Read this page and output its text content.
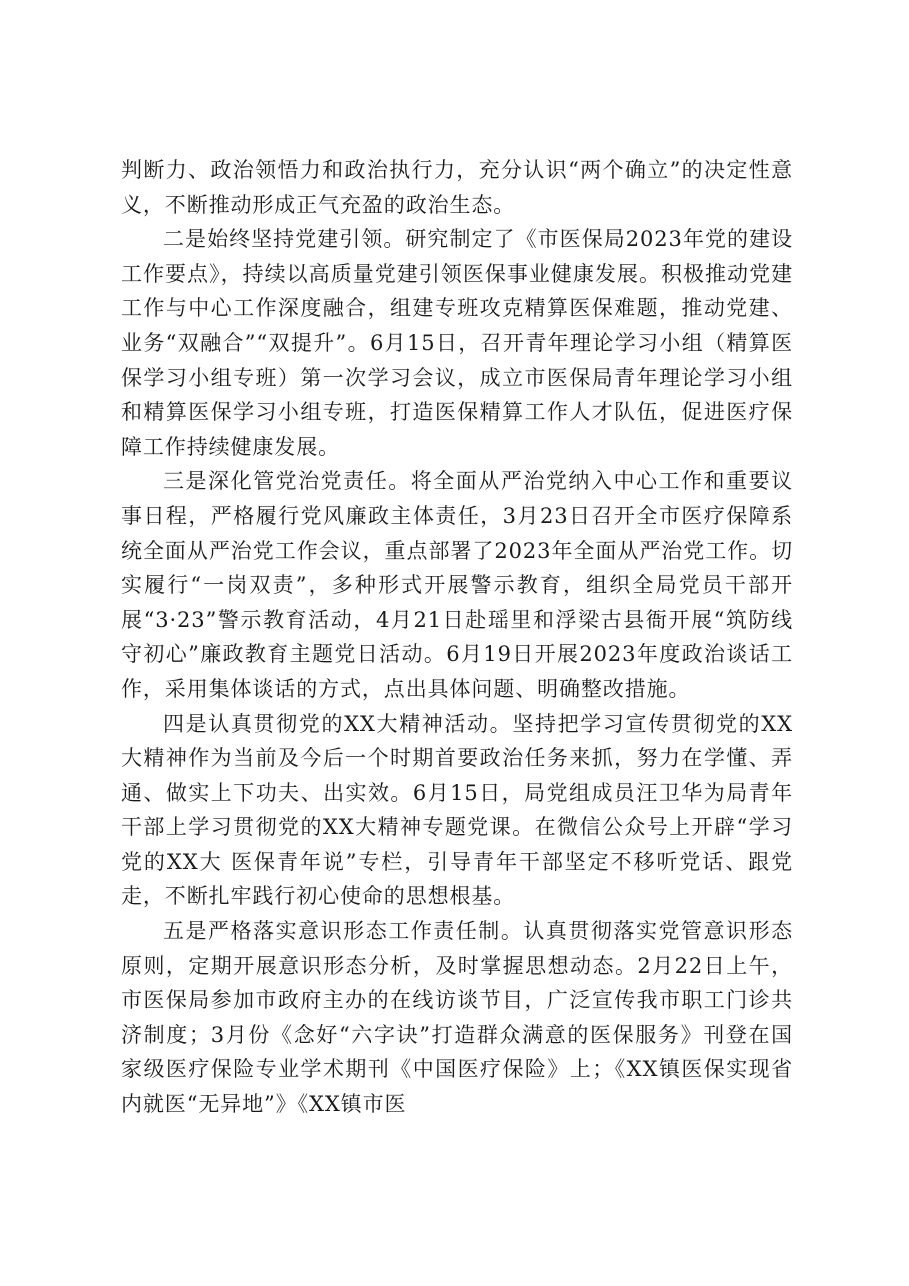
判断力、政治领悟力和政治执行力，充分认识“两个确立”的决定性意义，不断推动形成正气充盈的政治生态。

二是始终坚持党建引领。研究制定了《市医保局2023年党的建设工作要点》，持续以高质量党建引领医保事业健康发展。积极推动党建工作与中心工作深度融合，组建专班攻克精算医保难题，推动党建、业务“双融合”“双提升”。6月15日，召开青年理论学习小组（精算医保学习小组专班）第一次学习会议，成立市医保局青年理论学习小组和精算医保学习小组专班，打造医保精算工作人才队伍，促进医疗保障工作持续健康发展。

三是深化管党治党责任。将全面从严治党纳入中心工作和重要议事日程，严格履行党风廉政主体责任，3月23日召开全市医疗保障系统全面从严治党工作会议，重点部署了2023年全面从严治党工作。切实履行“一岗双责”，多种形式开展警示教育，组织全局党员干部开展“3·23”警示教育活动，4月21日赴瑶里和浮梁古县衙开展“筑防线守初心”廉政教育主题党日活动。6月19日开展2023年度政治谈话工作，采用集体谈话的方式，点出具体问题、明确整改措施。

四是认真贯彻党的XX大精神活动。坚持把学习宣传贯彻党的XX大精神作为当前及今后一个时期首要政治任务来抓，努力在学懂、弄通、做实上下功夫、出实效。6月15日，局党组成员汪卫华为局青年干部上学习贯彻党的XX大精神专题党课。在微信公众号上开辟“学习党的XX大 医保青年说”专栏，引导青年干部坚定不移听党话、跟党走，不断扎牢践行初心使命的思想根基。

五是严格落实意识形态工作责任制。认真贯彻落实党管意识形态原则，定期开展意识形态分析，及时掌握思想动态。2月22日上午，市医保局参加市政府主办的在线访谈节目，广泛宣传我市职工门诊共济制度；3月份《念好“六字诀”打造群众满意的医保服务》刊登在国家级医疗保险专业学术期刊《中国医疗保险》上；《XX镇医保实现省内就医“无异地”》《XX镇市医
